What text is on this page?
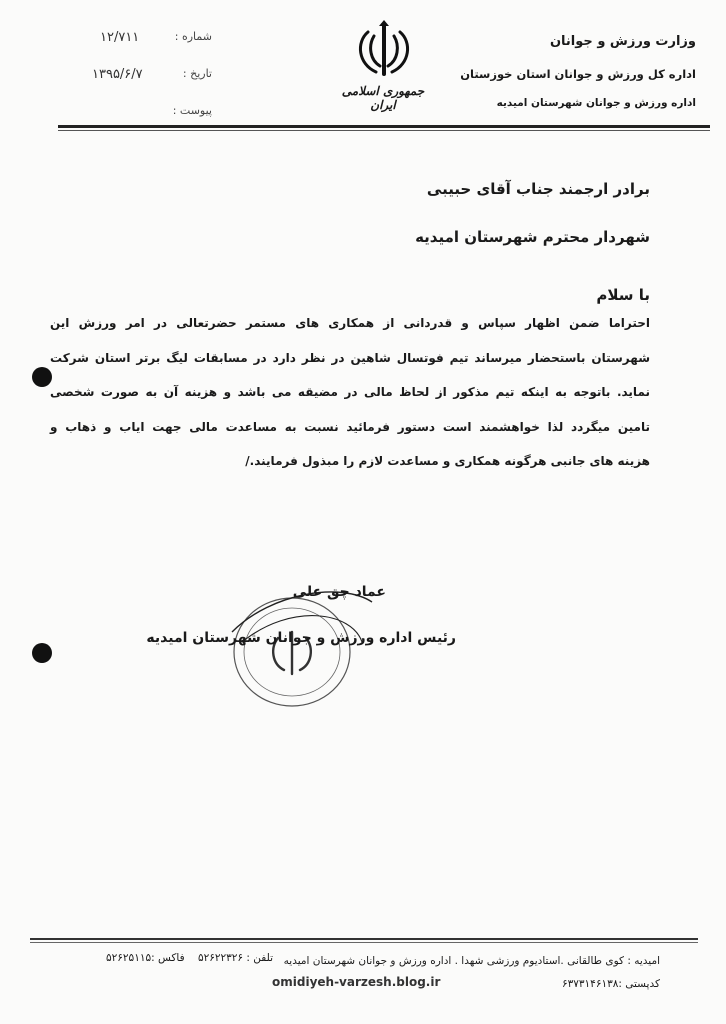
وزارت ورزش و جوانان
اداره کل ورزش و جوانان استان خوزستان
اداره ورزش و جوانان شهرستان امیدیه
جمهوری اسلامی ایران
شماره :
۱۲/۷۱۱
تاریخ :
۱۳۹۵/۶/۷
پیوست :
برادر ارجمند جناب آقای حبیبی
شهردار محترم شهرستان امیدیه
با سلام
احتراما ضمن اظهار سپاس و قدردانی از همکاری های مستمر حضرتعالی در امر ورزش این
شهرستان باستحضار میرساند تیم فوتسال شاهین در نظر دارد در مسابقات لیگ برتر استان شرکت
نماید. باتوجه به اینکه تیم مذکور از لحاظ مالی در مضیقه می باشد و هزینه آن به صورت شخصی
تامین میگردد لذا خواهشمند است دستور فرمائید نسبت به مساعدت مالی جهت ایاب و ذهاب و
هزینه های جانبی هرگونه همکاری و مساعدت لازم را مبذول فرمایند./
عماد چق علی
رئیس اداره ورزش و جوانان شهرستان امیدیه
امیدیه : کوی طالقانی .استادیوم ورزشی شهدا . اداره ورزش و جوانان شهرستان امیدیه
تلفن : ۵۲۶۲۲۳۲۶ فاکس :۵۲۶۲۵۱۱۵
omidiyeh-varzesh.blog.ir	کدپستی :۶۳۷۳۱۴۶۱۳۸
